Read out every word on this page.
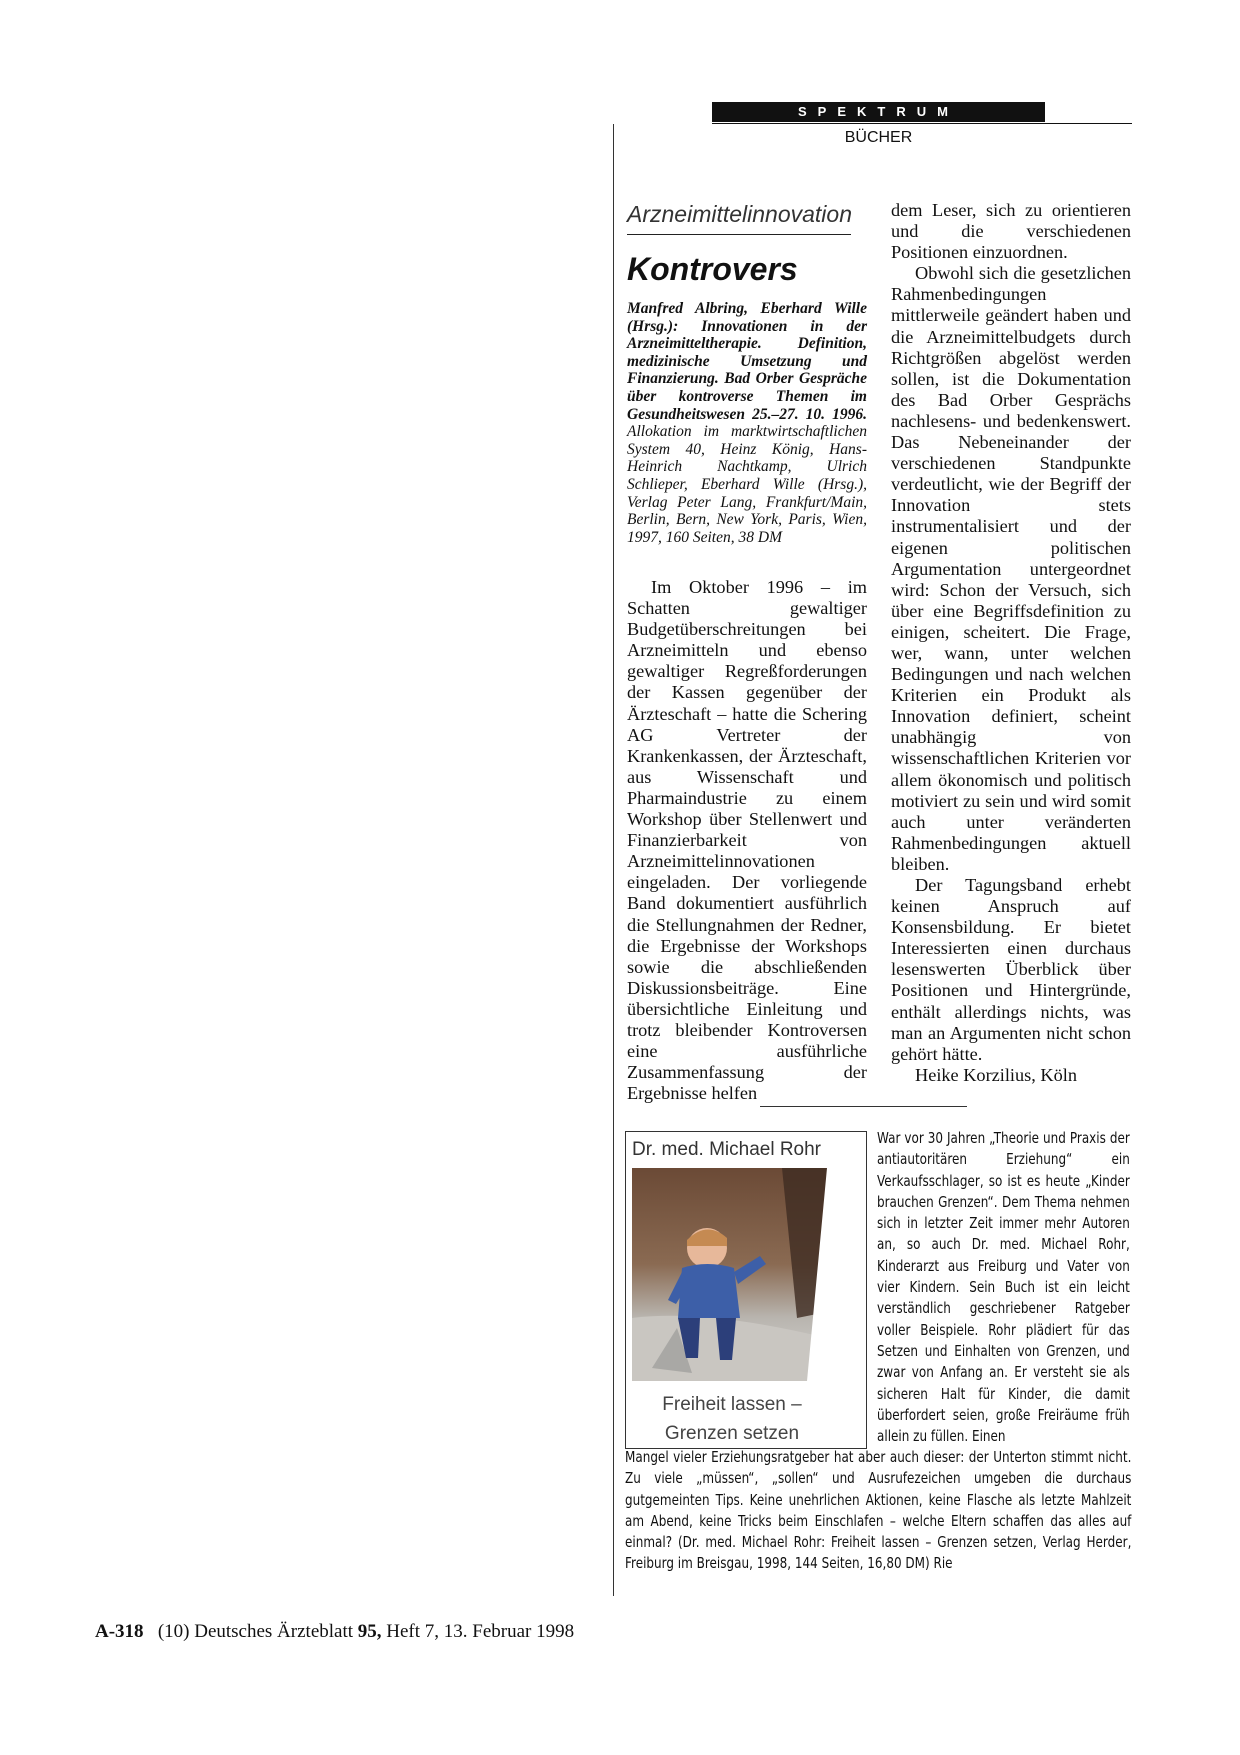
SPEKTRUM
BÜCHER
Arzneimittelinnovation
Kontrovers
Manfred Albring, Eberhard Wille (Hrsg.): Innovationen in der Arzneimitteltherapie. Definition, medizinische Umsetzung und Finanzierung. Bad Orber Gespräche über kontroverse Themen im Gesundheitswesen 25.–27. 10. 1996. Allokation im marktwirtschaftlichen System 40, Heinz König, Hans-Heinrich Nachtkamp, Ulrich Schlieper, Eberhard Wille (Hrsg.), Verlag Peter Lang, Frankfurt/Main, Berlin, Bern, New York, Paris, Wien, 1997, 160 Seiten, 38 DM

Im Oktober 1996 – im Schatten gewaltiger Budgetüberschreitungen bei Arzneimitteln und ebenso gewaltiger Regreßforderungen der Kassen gegenüber der Ärzteschaft – hatte die Schering AG Vertreter der Krankenkassen, der Ärzteschaft, aus Wissenschaft und Pharmaindustrie zu einem Workshop über Stellenwert und Finanzierbarkeit von Arzneimittelinnovationen eingeladen. Der vorliegende Band dokumentiert ausführlich die Stellungnahmen der Redner, die Ergebnisse der Workshops sowie die abschließenden Diskussionsbeiträge. Eine übersichtliche Einleitung und trotz bleibender Kontroversen eine ausführliche Zusammenfassung der Ergebnisse helfen

dem Leser, sich zu orientieren und die verschiedenen Positionen einzuordnen.

Obwohl sich die gesetzlichen Rahmenbedingungen mittlerweile geändert haben und die Arzneimittelbudgets durch Richtgrößen abgelöst werden sollen, ist die Dokumentation des Bad Orber Gesprächs nachlesens- und bedenkenswert. Das Nebeneinander der verschiedenen Standpunkte verdeutlicht, wie der Begriff der Innovation stets instrumentalisiert und der eigenen politischen Argumentation untergeordnet wird: Schon der Versuch, sich über eine Begriffsdefinition zu einigen, scheitert. Die Frage, wer, wann, unter welchen Bedingungen und nach welchen Kriterien ein Produkt als Innovation definiert, scheint unabhängig von wissenschaftlichen Kriterien vor allem ökonomisch und politisch motiviert zu sein und wird somit auch unter veränderten Rahmenbedingungen aktuell bleiben.

Der Tagungsband erhebt keinen Anspruch auf Konsensbildung. Er bietet Interessierten einen durchaus lesenswerten Überblick über Positionen und Hintergründe, enthält allerdings nichts, was man an Argumenten nicht schon gehört hätte.

Heike Korzilius, Köln

Dr. med. Michael Rohr
Freiheit lassen –
Grenzen setzen
War vor 30 Jahren „Theorie und Praxis der antiautoritären Erziehung“ ein Verkaufsschlager, so ist es heute „Kinder brauchen Grenzen“. Dem Thema nehmen sich in letzter Zeit immer mehr Autoren an, so auch Dr. med. Michael Rohr, Kinderarzt aus Freiburg und Vater von vier Kindern. Sein Buch ist ein leicht verständlich geschriebener Ratgeber voller Beispiele. Rohr plädiert für das Setzen und Einhalten von Grenzen, und zwar von Anfang an. Er versteht sie als sicheren Halt für Kinder, die damit überfordert seien, große Freiräume früh allein zu füllen. Einen
Mangel vieler Erziehungsratgeber hat aber auch dieser: der Unterton stimmt nicht. Zu viele „müssen“, „sollen“ und Ausrufezeichen umgeben die durchaus gutgemeinten Tips. Keine unehrlichen Aktionen, keine Flasche als letzte Mahlzeit am Abend, keine Tricks beim Einschlafen – welche Eltern schaffen das alles auf einmal? (Dr. med. Michael Rohr: Freiheit lassen – Grenzen setzen, Verlag Herder, Freiburg im Breisgau, 1998, 144 Seiten, 16,80 DM) Rie
A-318 (10) Deutsches Ärzteblatt 95, Heft 7, 13. Februar 1998
